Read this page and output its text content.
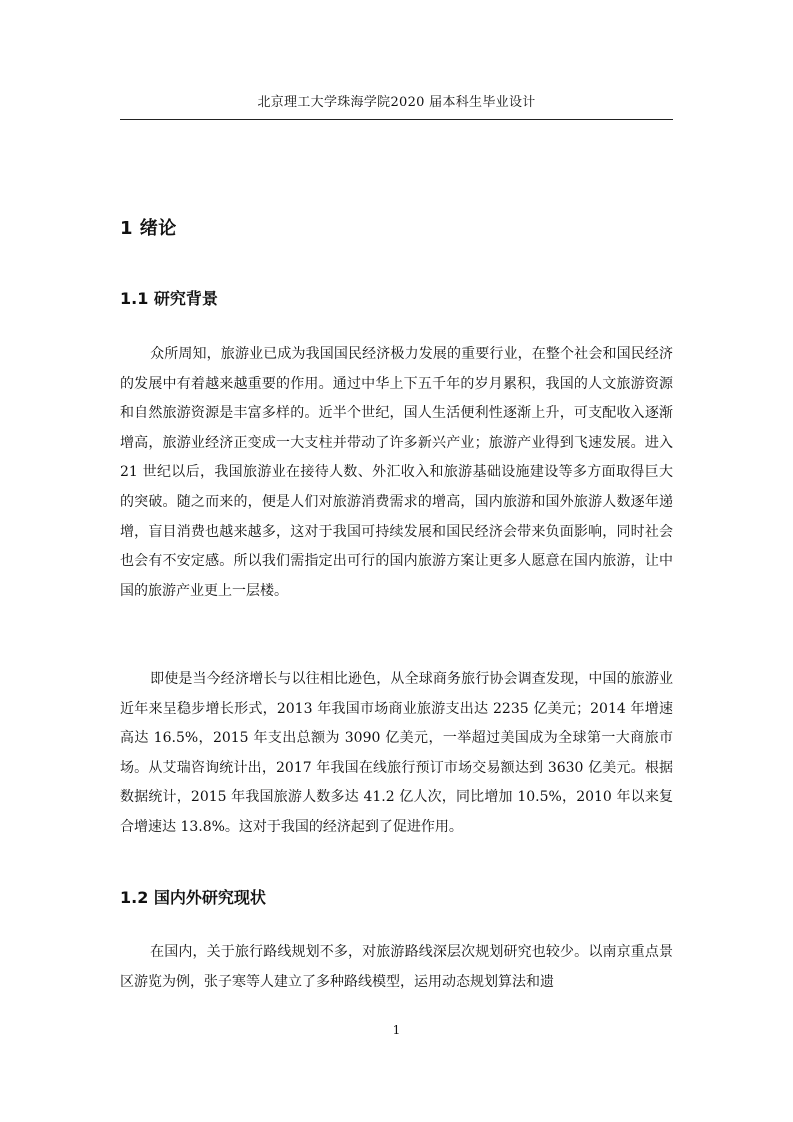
北京理工大学珠海学院2020 届本科生毕业设计
1 绪论
1.1 研究背景

众所周知，旅游业已成为我国国民经济极力发展的重要行业，在整个社会和国民经济的发展中有着越来越重要的作用。通过中华上下五千年的岁月累积，我国的人文旅游资源和自然旅游资源是丰富多样的。近半个世纪，国人生活便利性逐渐上升，可支配收入逐渐增高，旅游业经济正变成一大支柱并带动了许多新兴产业；旅游产业得到飞速发展。进入 21 世纪以后，我国旅游业在接待人数、外汇收入和旅游基础设施建设等多方面取得巨大的突破。随之而来的，便是人们对旅游消费需求的增高，国内旅游和国外旅游人数逐年递增，盲目消费也越来越多，这对于我国可持续发展和国民经济会带来负面影响，同时社会也会有不安定感。所以我们需指定出可行的国内旅游方案让更多人愿意在国内旅游，让中国的旅游产业更上一层楼。

即使是当今经济增长与以往相比逊色，从全球商务旅行协会调查发现，中国的旅游业近年来呈稳步增长形式，2013 年我国市场商业旅游支出达 2235 亿美元；2014 年增速高达 16.5%，2015 年支出总额为 3090 亿美元，一举超过美国成为全球第一大商旅市场。从艾瑞咨询统计出，2017 年我国在线旅行预订市场交易额达到 3630 亿美元。根据数据统计，2015 年我国旅游人数多达 41.2 亿人次，同比增加 10.5%，2010 年以来复合增速达 13.8%。这对于我国的经济起到了促进作用。

1.2 国内外研究现状

在国内，关于旅行路线规划不多，对旅游路线深层次规划研究也较少。以南京重点景区游览为例，张子寒等人建立了多种路线模型，运用动态规划算法和遗

1
